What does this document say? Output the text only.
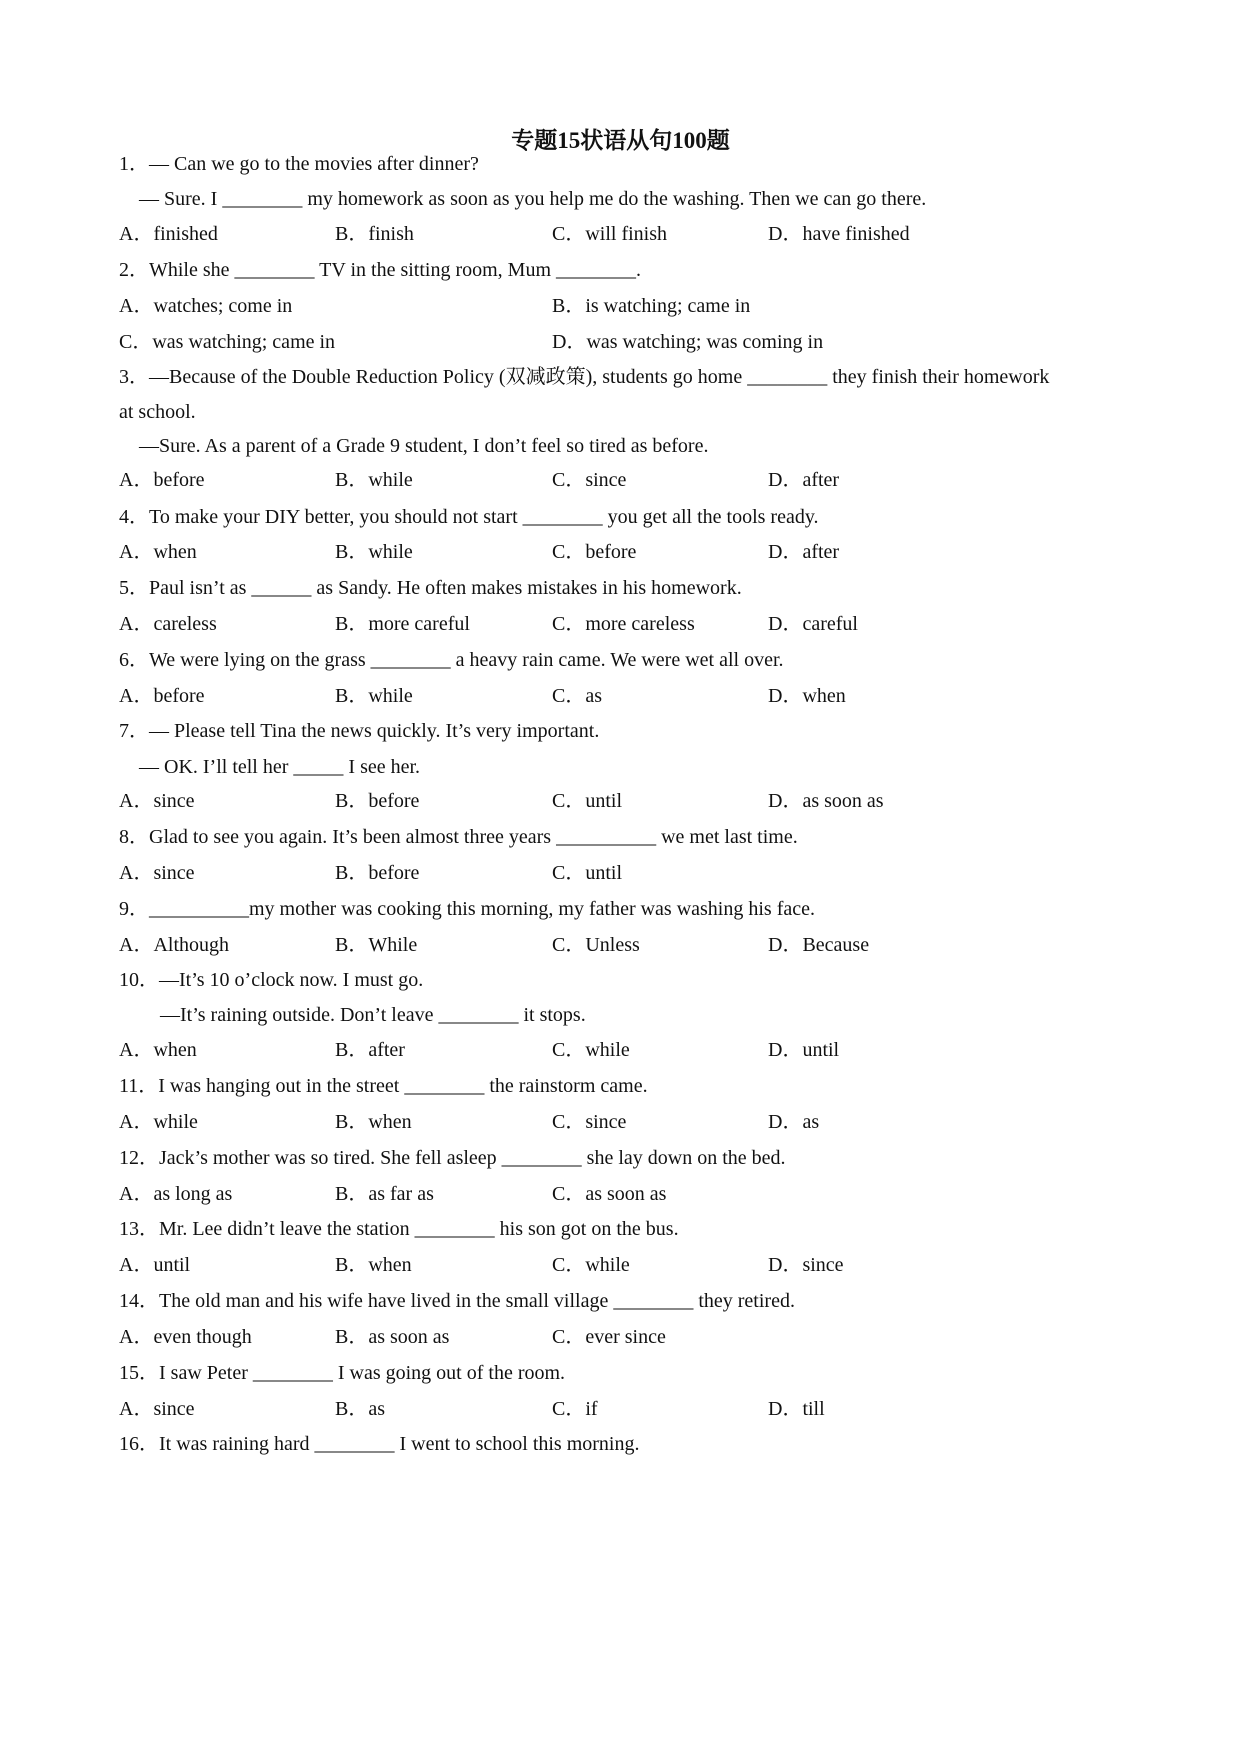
专题15状语从句100题
1．— Can we go to the movies after dinner?
— Sure. I ________ my homework as soon as you help me do the washing. Then we can go there.
A．finished	B．finish	C．will finish	D．have finished
2．While she ________ TV in the sitting room, Mum ________.
A．watches; come in	B．is watching; came in
C．was watching; came in	D．was watching; was coming in
3．—Because of the Double Reduction Policy (双减政策), students go home ________ they finish their homework
at school.
—Sure. As a parent of a Grade 9 student, I don’t feel so tired as before.
A．before	B．while	C．since	D．after
4．To make your DIY better, you should not start ________ you get all the tools ready.
A．when	B．while	C．before	D．after
5．Paul isn’t as ______ as Sandy. He often makes mistakes in his homework.
A．careless	B．more careful	C．more careless	D．careful
6．We were lying on the grass ________ a heavy rain came. We were wet all over.
A．before	B．while	C．as	D．when
7．— Please tell Tina the news quickly. It’s very important.
— OK. I’ll tell her _____ I see her.
A．since	B．before	C．until	D．as soon as
8．Glad to see you again. It’s been almost three years __________ we met last time.
A．since	B．before	C．until
9．__________my mother was cooking this morning, my father was washing his face.
A．Although	B．While	C．Unless	D．Because
10．—It’s 10 o’clock now. I must go.
—It’s raining outside. Don’t leave ________ it stops.
A．when	B．after	C．while	D．until
11．I was hanging out in the street ________ the rainstorm came.
A．while	B．when	C．since	D．as
12．Jack’s mother was so tired. She fell asleep ________ she lay down on the bed.
A．as long as	B．as far as	C．as soon as
13．Mr. Lee didn’t leave the station ________ his son got on the bus.
A．until	B．when	C．while	D．since
14．The old man and his wife have lived in the small village ________ they retired.
A．even though	B．as soon as	C．ever since
15．I saw Peter ________ I was going out of the room.
A．since	B．as	C．if	D．till
16．It was raining hard ________ I went to school this morning.
